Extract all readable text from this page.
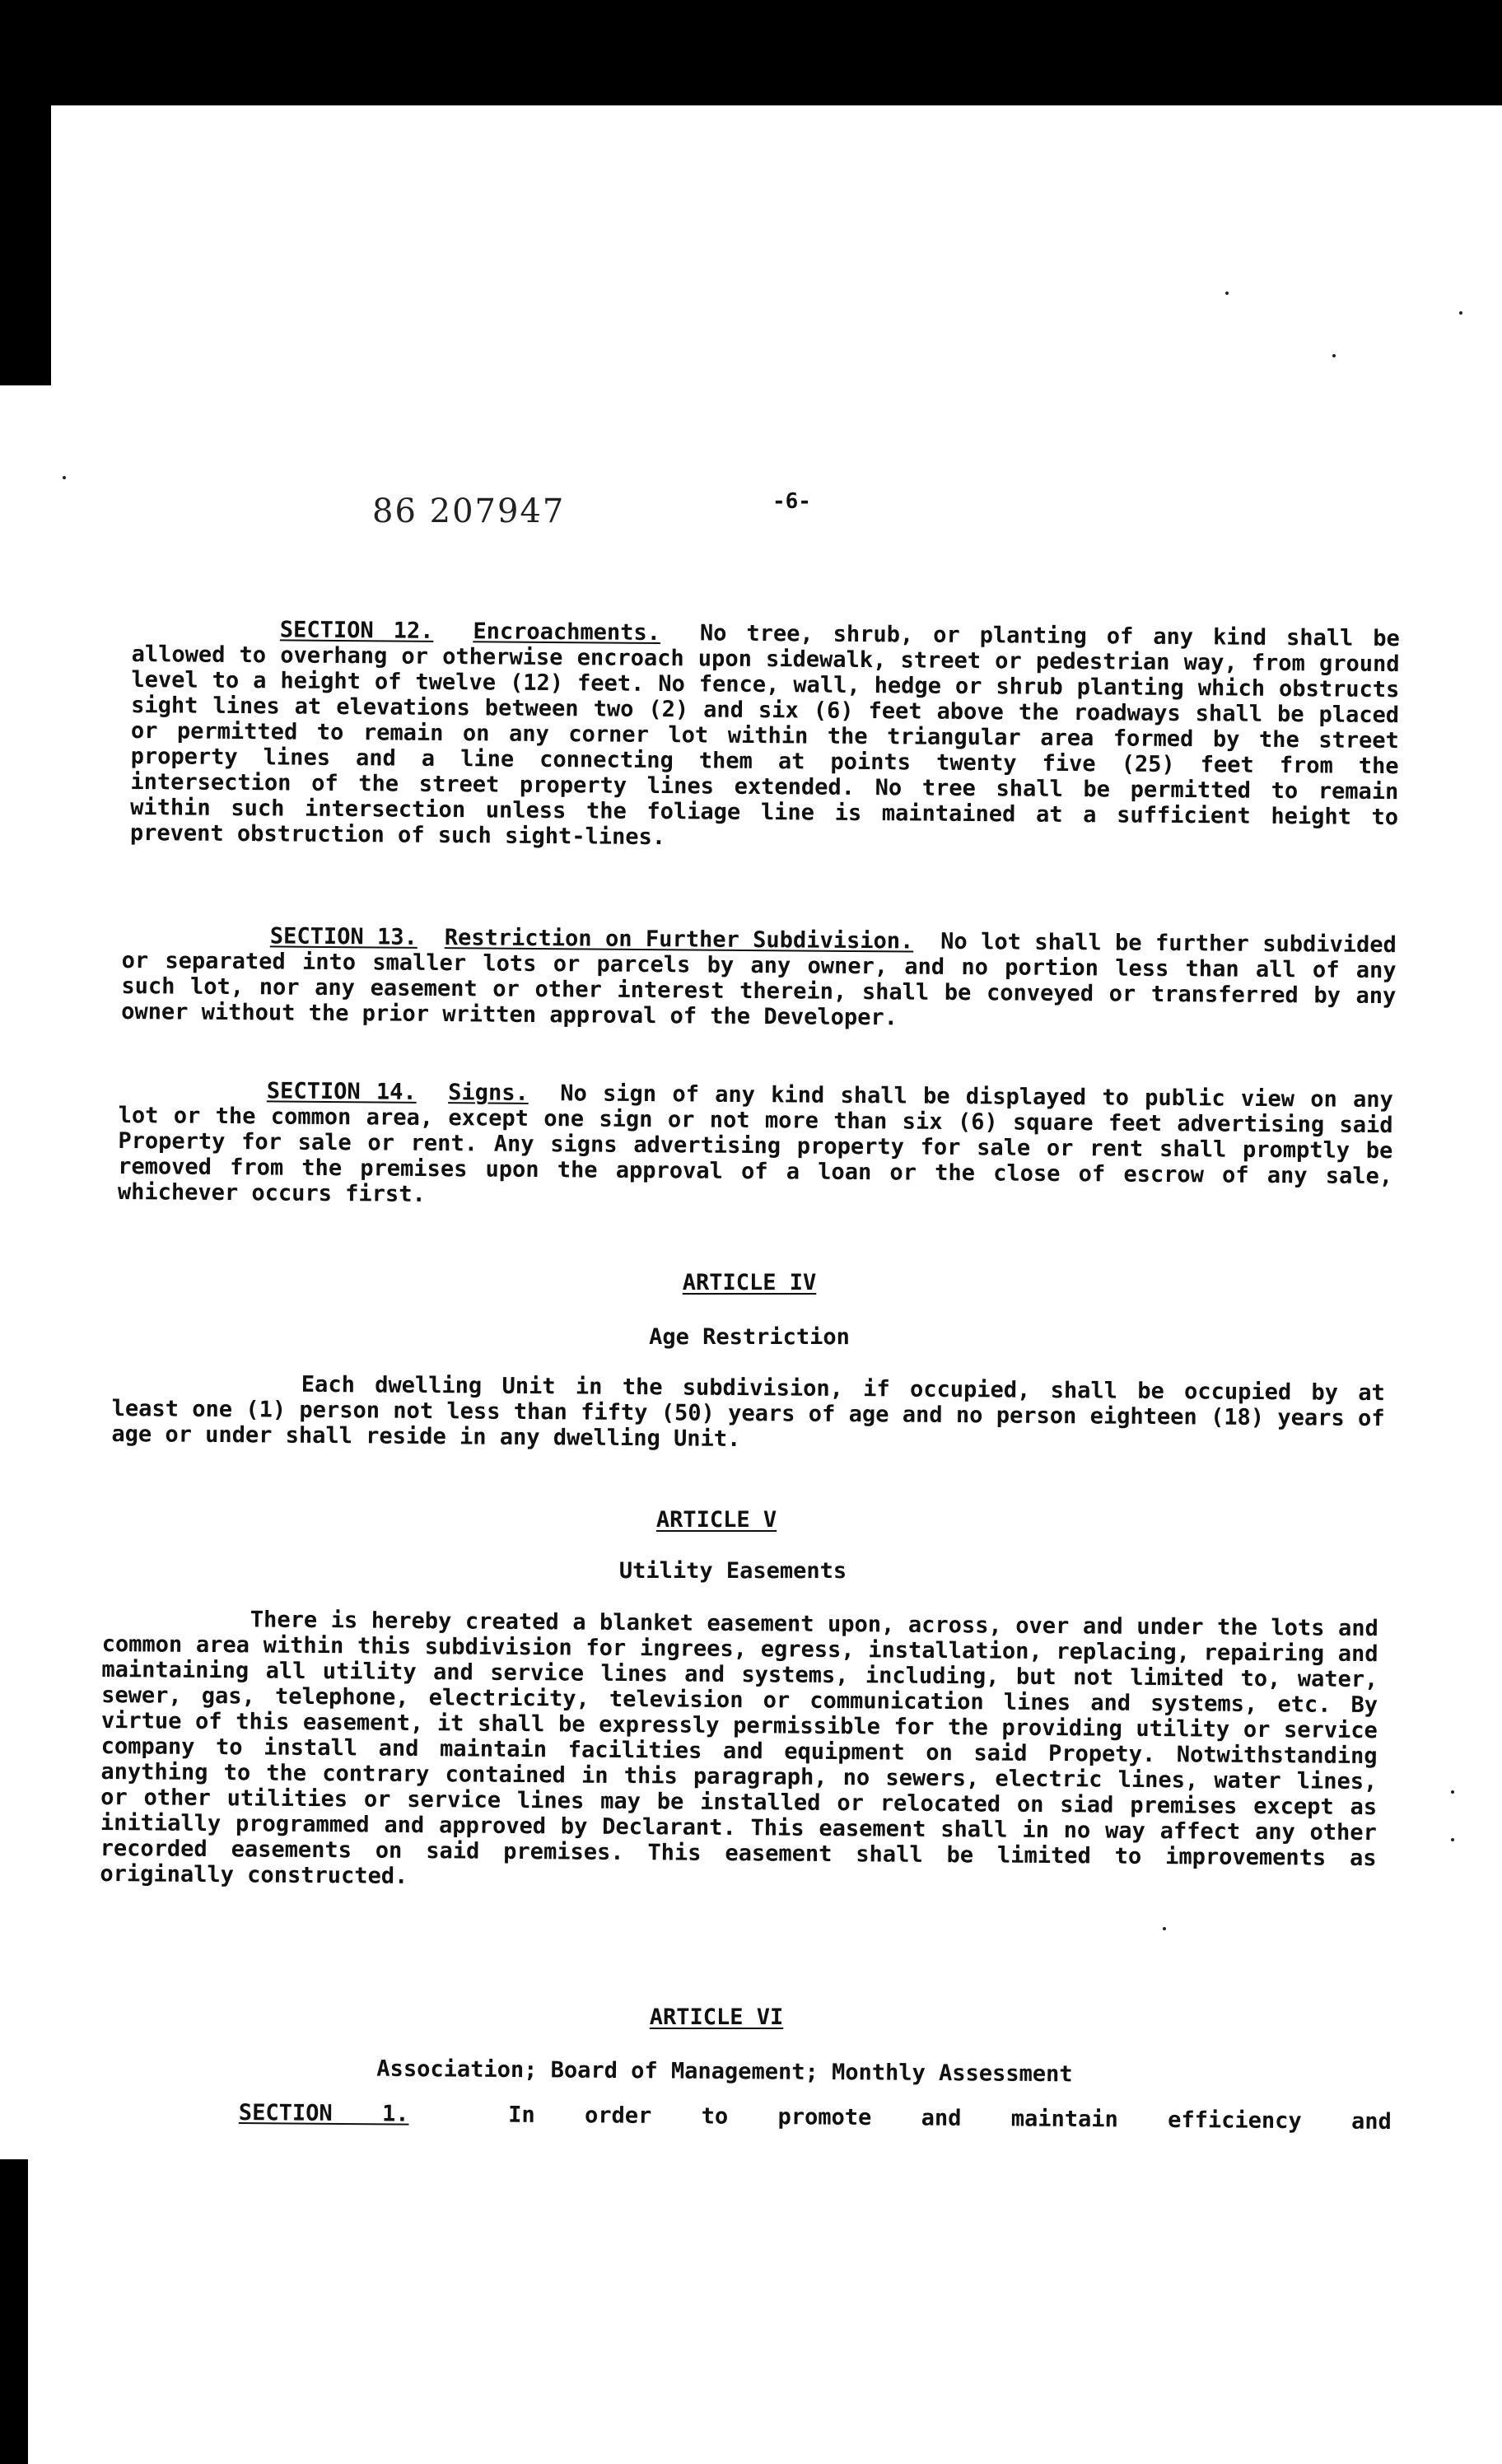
86 207947	-6-

SECTION 12. Encroachments. No tree, shrub, or planting of any kind shall be allowed to overhang or otherwise encroach upon sidewalk, street or pedestrian way, from ground level to a height of twelve (12) feet. No fence, wall, hedge or shrub planting which obstructs sight lines at elevations between two (2) and six (6) feet above the roadways shall be placed or permitted to remain on any corner lot within the triangular area formed by the street property lines and a line connecting them at points twenty five (25) feet from the intersection of the street property lines extended. No tree shall be permitted to remain within such intersection unless the foliage line is maintained at a sufficient height to prevent obstruction of such sight-lines.

SECTION 13. Restriction on Further Subdivision. No lot shall be further subdivided or separated into smaller lots or parcels by any owner, and no portion less than all of any such lot, nor any easement or other interest therein, shall be conveyed or transferred by any owner without the prior written approval of the Developer.

SECTION 14. Signs. No sign of any kind shall be displayed to public view on any lot or the common area, except one sign or not more than six (6) square feet advertising said Property for sale or rent. Any signs advertising property for sale or rent shall promptly be removed from the premises upon the approval of a loan or the close of escrow of any sale, whichever occurs first.

ARTICLE IV
Age Restriction

Each dwelling Unit in the subdivision, if occupied, shall be occupied by at least one (1) person not less than fifty (50) years of age and no person eighteen (18) years of age or under shall reside in any dwelling Unit.

ARTICLE V
Utility Easements

There is hereby created a blanket easement upon, across, over and under the lots and common area within this subdivision for ingrees, egress, installation, replacing, repairing and maintaining all utility and service lines and systems, including, but not limited to, water, sewer, gas, telephone, electricity, television or communication lines and systems, etc. By virtue of this easement, it shall be expressly permissible for the providing utility or service company to install and maintain facilities and equipment on said Propety. Notwithstanding anything to the contrary contained in this paragraph, no sewers, electric lines, water lines, or other utilities or service lines may be installed or relocated on siad premises except as initially programmed and approved by Declarant. This easement shall in no way affect any other recorded easements on said premises. This easement shall be limited to improvements as originally constructed.

ARTICLE VI
Association; Board of Management; Monthly Assessment

SECTION 1.	In order to promote and maintain efficiency and
